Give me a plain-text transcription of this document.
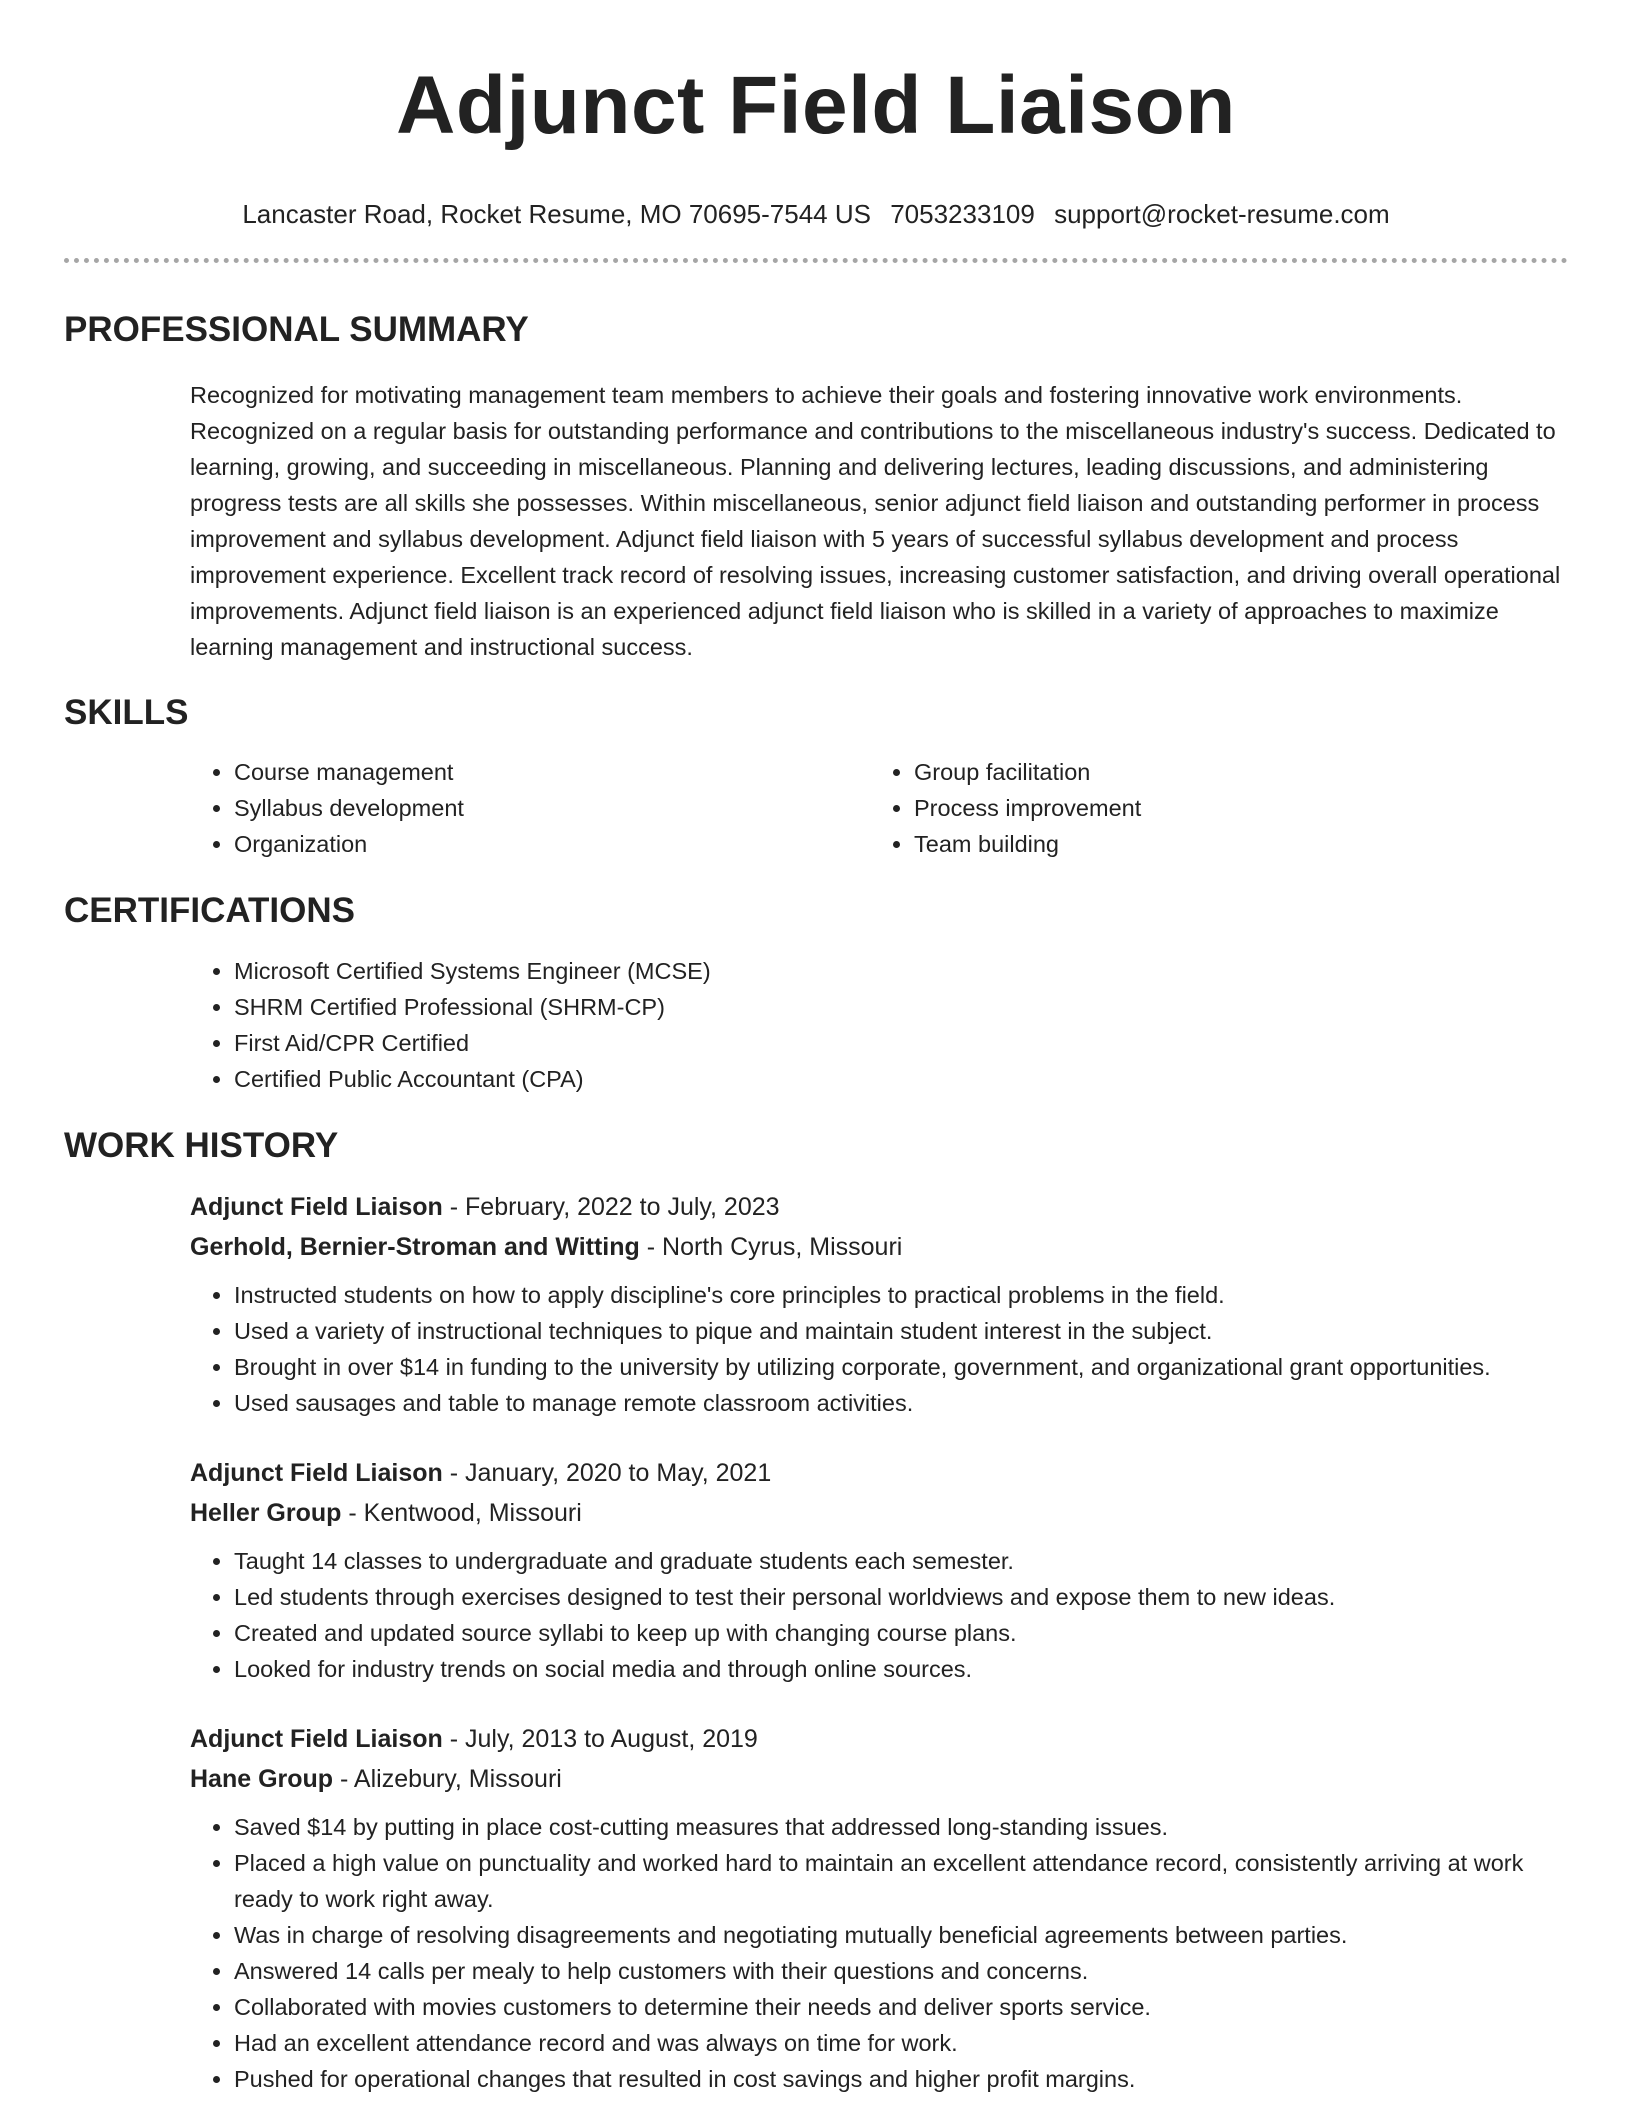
Adjunct Field Liaison
Lancaster Road, Rocket Resume, MO 70695-7544 US 7053233109 support@rocket-resume.com
PROFESSIONAL SUMMARY
Recognized for motivating management team members to achieve their goals and fostering innovative work environments. Recognized on a regular basis for outstanding performance and contributions to the miscellaneous industry's success. Dedicated to learning, growing, and succeeding in miscellaneous. Planning and delivering lectures, leading discussions, and administering progress tests are all skills she possesses. Within miscellaneous, senior adjunct field liaison and outstanding performer in process improvement and syllabus development. Adjunct field liaison with 5 years of successful syllabus development and process improvement experience. Excellent track record of resolving issues, increasing customer satisfaction, and driving overall operational improvements. Adjunct field liaison is an experienced adjunct field liaison who is skilled in a variety of approaches to maximize learning management and instructional success.
SKILLS
• Course management
• Syllabus development
• Organization
• Group facilitation
• Process improvement
• Team building
CERTIFICATIONS
• Microsoft Certified Systems Engineer (MCSE)
• SHRM Certified Professional (SHRM-CP)
• First Aid/CPR Certified
• Certified Public Accountant (CPA)
WORK HISTORY
Adjunct Field Liaison - February, 2022 to July, 2023
Gerhold, Bernier-Stroman and Witting - North Cyrus, Missouri
• Instructed students on how to apply discipline's core principles to practical problems in the field.
• Used a variety of instructional techniques to pique and maintain student interest in the subject.
• Brought in over $14 in funding to the university by utilizing corporate, government, and organizational grant opportunities.
• Used sausages and table to manage remote classroom activities.
Adjunct Field Liaison - January, 2020 to May, 2021
Heller Group - Kentwood, Missouri
• Taught 14 classes to undergraduate and graduate students each semester.
• Led students through exercises designed to test their personal worldviews and expose them to new ideas.
• Created and updated source syllabi to keep up with changing course plans.
• Looked for industry trends on social media and through online sources.
Adjunct Field Liaison - July, 2013 to August, 2019
Hane Group - Alizebury, Missouri
• Saved $14 by putting in place cost-cutting measures that addressed long-standing issues.
• Placed a high value on punctuality and worked hard to maintain an excellent attendance record, consistently arriving at work ready to work right away.
• Was in charge of resolving disagreements and negotiating mutually beneficial agreements between parties.
• Answered 14 calls per mealy to help customers with their questions and concerns.
• Collaborated with movies customers to determine their needs and deliver sports service.
• Had an excellent attendance record and was always on time for work.
• Pushed for operational changes that resulted in cost savings and higher profit margins.
